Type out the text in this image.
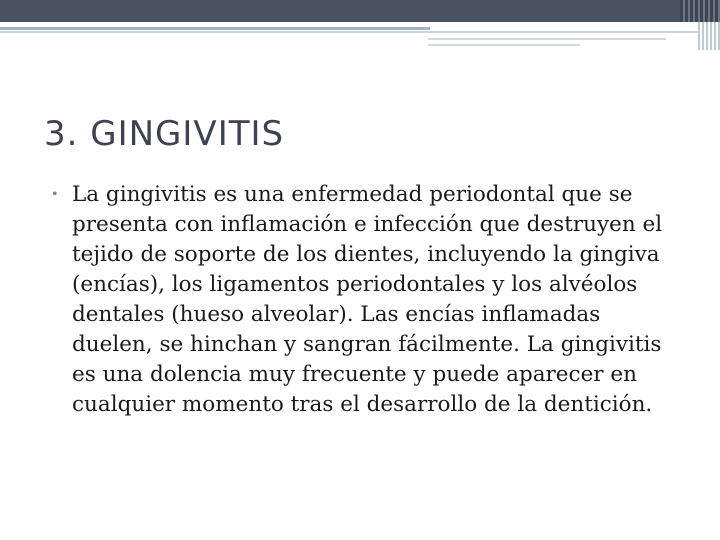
3. GINGIVITIS
• La gingivitis es una enfermedad periodontal que se presenta con inflamación e infección que destruyen el tejido de soporte de los dientes, incluyendo la gingiva (encías), los ligamentos periodontales y los alvéolos dentales (hueso alveolar). Las encías inflamadas duelen, se hinchan y sangran fácilmente. La gingivitis es una dolencia muy frecuente y puede aparecer en cualquier momento tras el desarrollo de la dentición.
